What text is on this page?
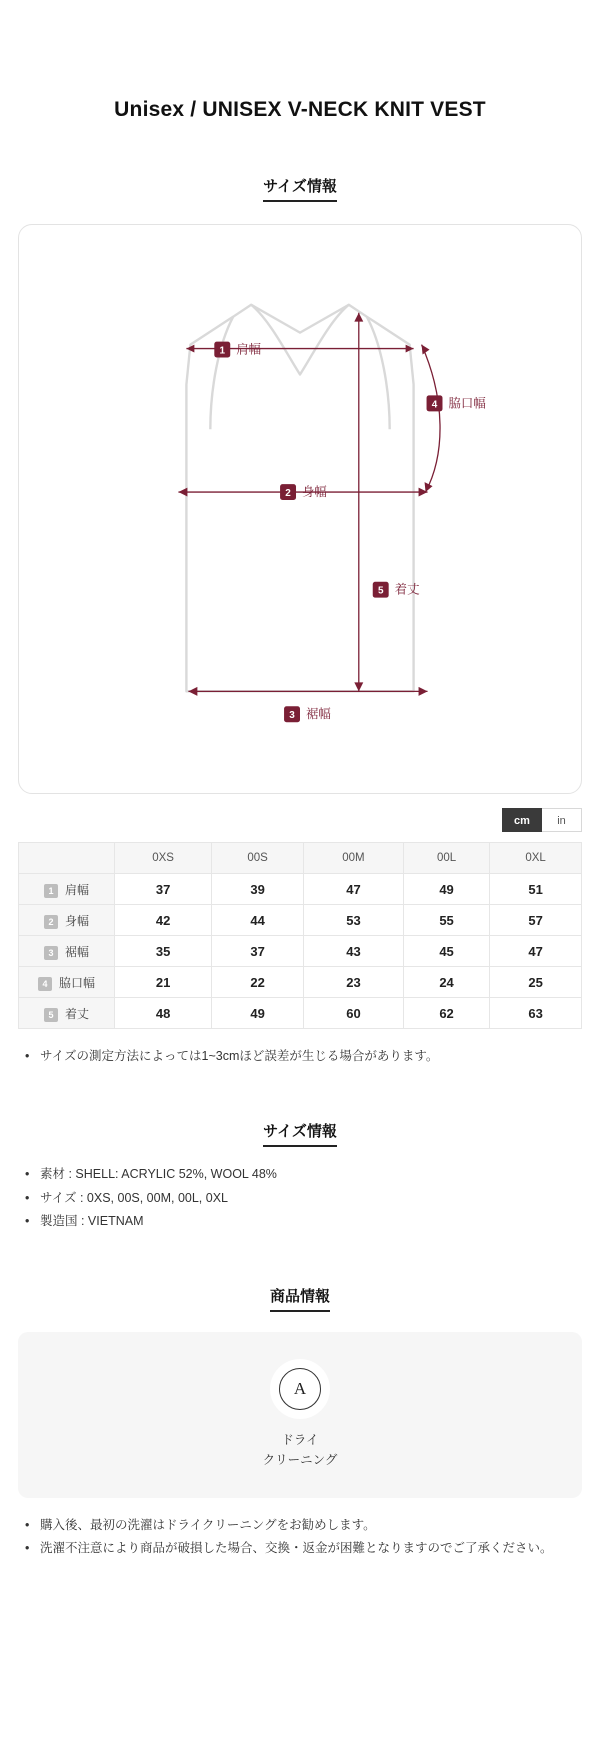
Unisex / UNISEX V-NECK KNIT VEST
サイズ情報
1 肩幅
2 身幅
3 裾幅
4 脇口幅
5 着丈
cm	in
	0XS	00S	00M	00L	0XL
1 肩幅	37	39	47	49	51
2 身幅	42	44	53	55	57
3 裾幅	35	37	43	45	47
4 脇口幅	21	22	23	24	25
5 着丈	48	49	60	62	63
• サイズの測定方法によっては1~3cmほど誤差が生じる場合があります。
サイズ情報
• 素材 : SHELL: ACRYLIC 52%, WOOL 48%
• サイズ : 0XS, 00S, 00M, 00L, 0XL
• 製造国 : VIETNAM
商品情報
A
ドライ
クリーニング
• 購入後、最初の洗濯はドライクリーニングをお勧めします。
• 洗濯不注意により商品が破損した場合、交換・返金が困難となりますのでご了承ください。
